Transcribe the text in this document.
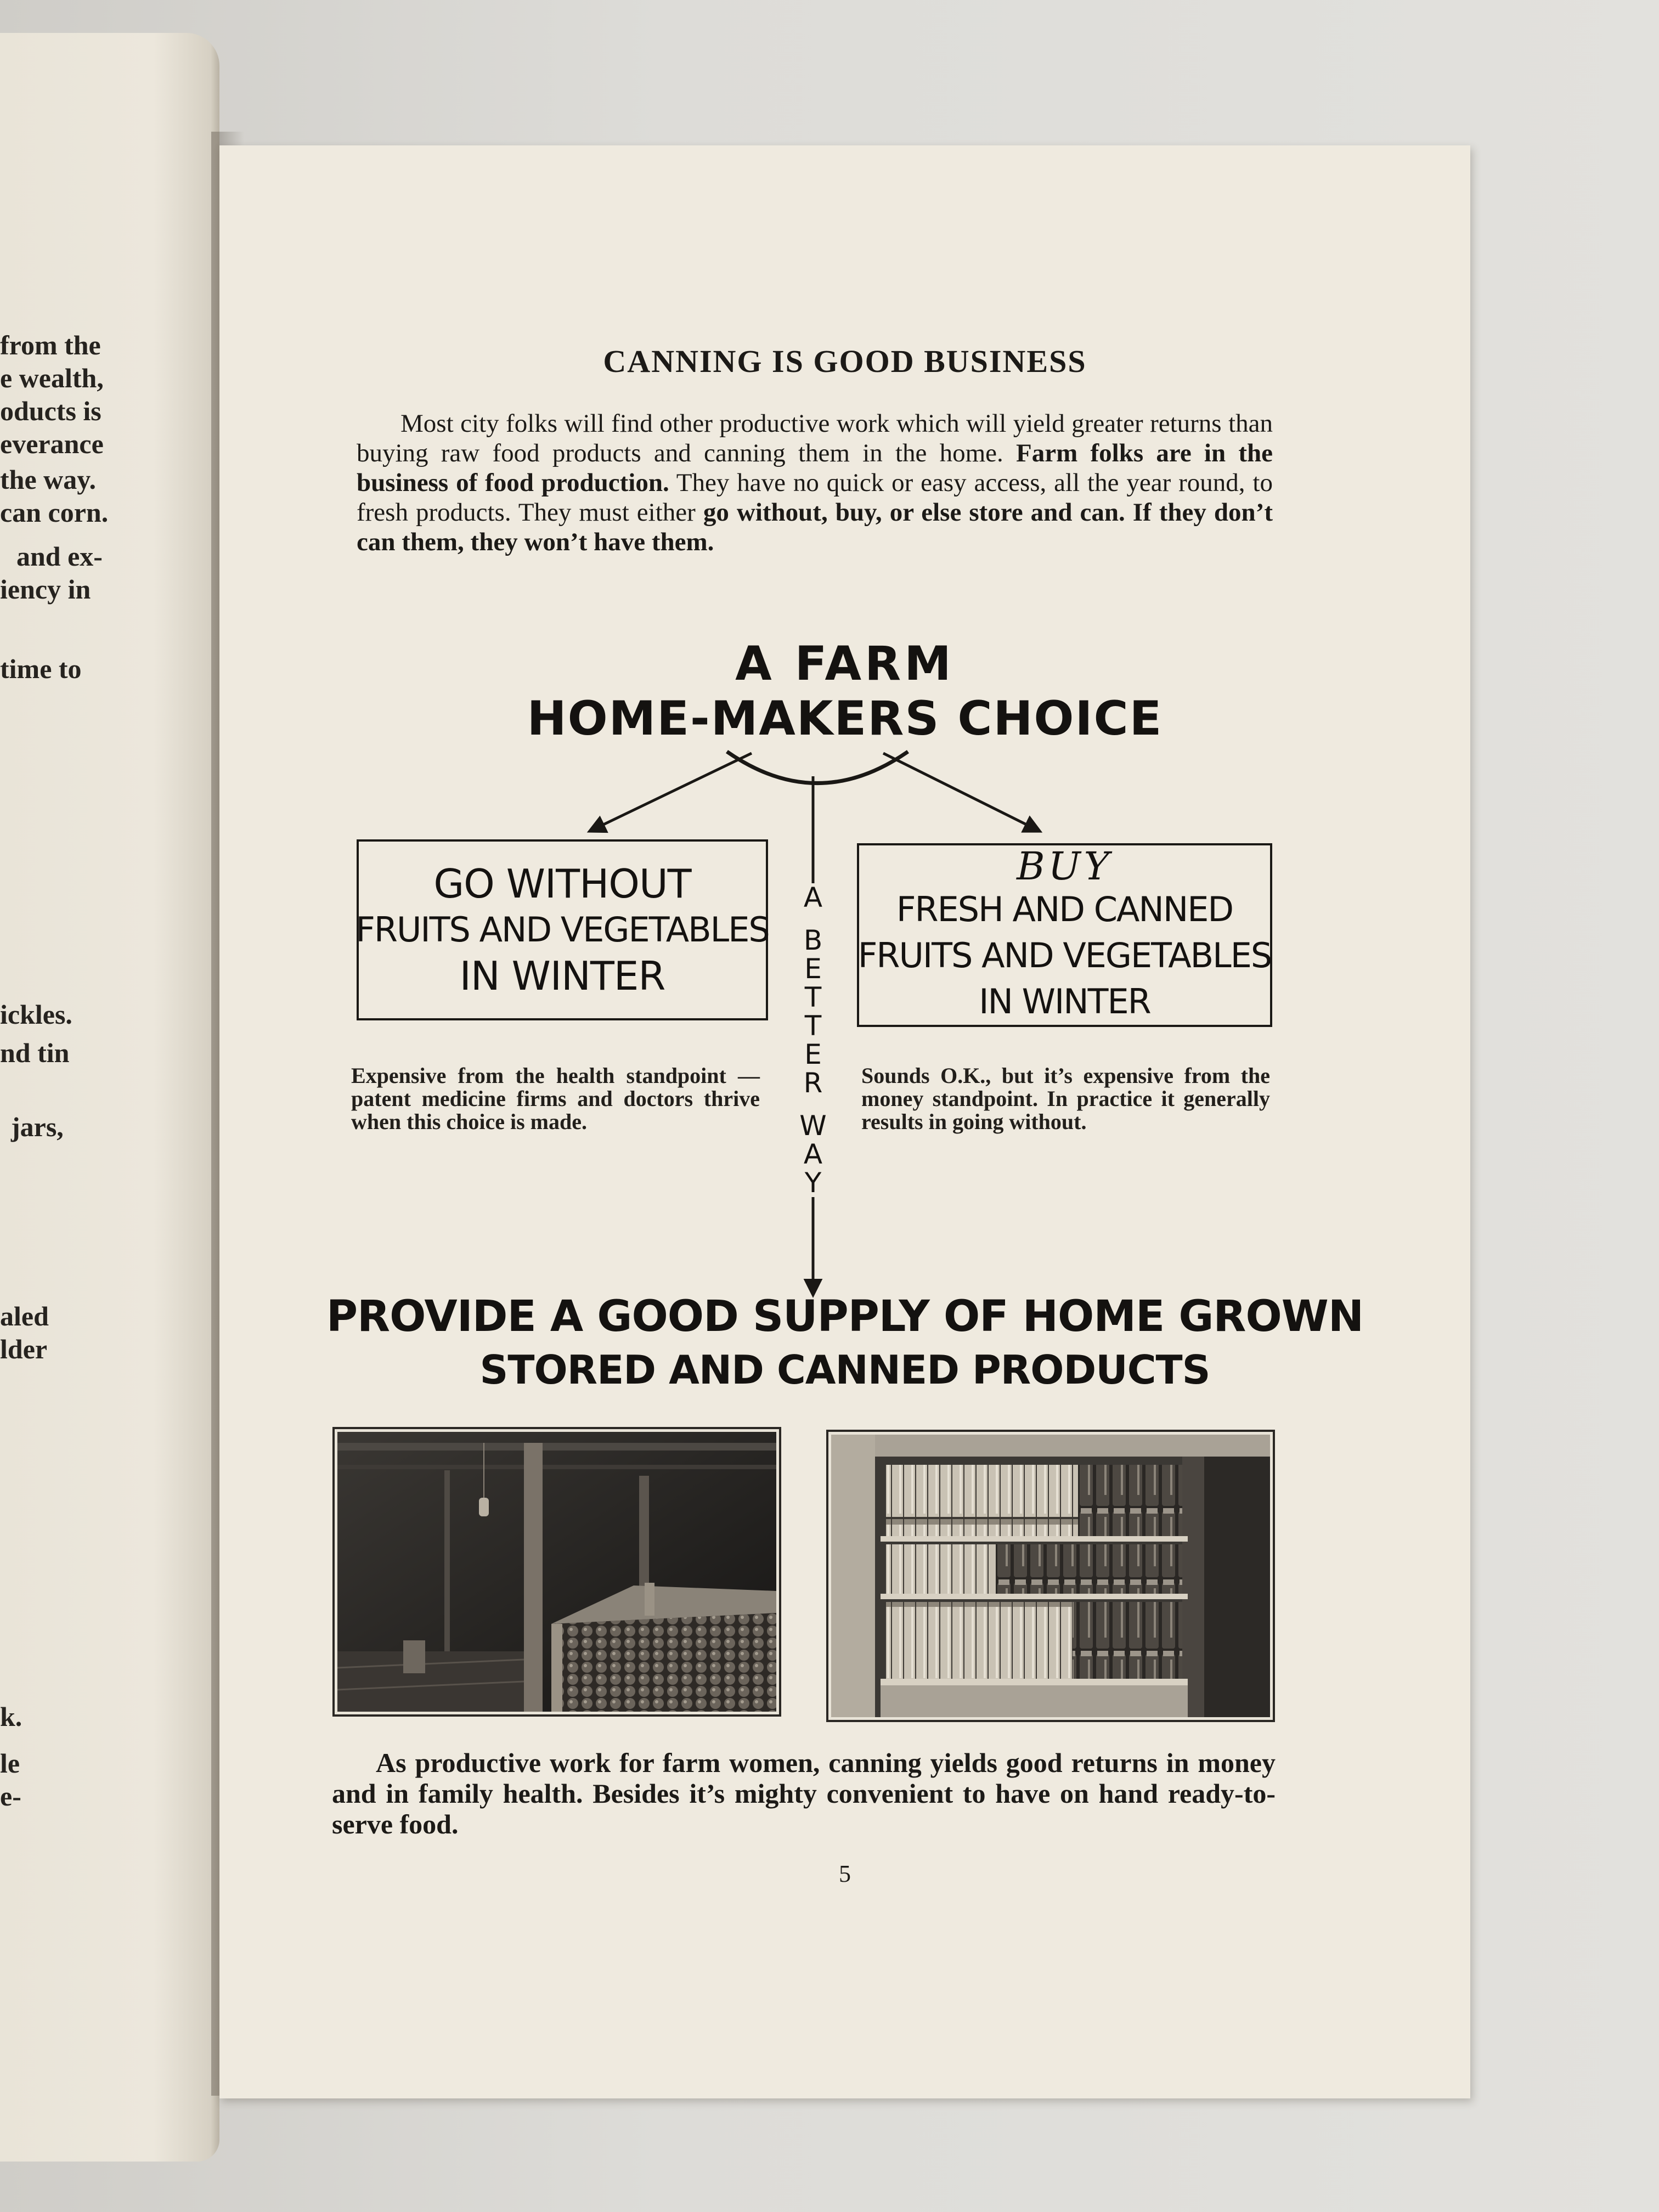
from the
e wealth,
oducts is
everance
the way.
can corn.
and ex-
iency in
time to
ickles.
nd tin
jars,
aled
lder
k.
le
e-
CANNING IS GOOD BUSINESS

Most city folks will find other productive work which will yield greater returns than buying raw food products and canning them in the home. Farm folks are in the business of food production. They have no quick or easy access, all the year round, to fresh products. They must either go without, buy, or else store and can. If they don’t can them, they won’t have them.

A FARM
HOME-MAKERS CHOICE
GO WITHOUT
FRUITS AND VEGETABLES
IN WINTER
BUY
FRESH AND CANNED
FRUITS AND VEGETABLES
IN WINTER
A
B
E
T
T
E
R
W
A
Y

Expensive from the health standpoint — patent medicine firms and doctors thrive when this choice is made.

Sounds O.K., but it’s expensive from the money standpoint. In practice it generally results in going without.

PROVIDE A GOOD SUPPLY OF HOME GROWN
STORED AND CANNED PRODUCTS

As productive work for farm women, canning yields good returns in money and in family health. Besides it’s mighty convenient to have on hand ready-to-serve food.

5
